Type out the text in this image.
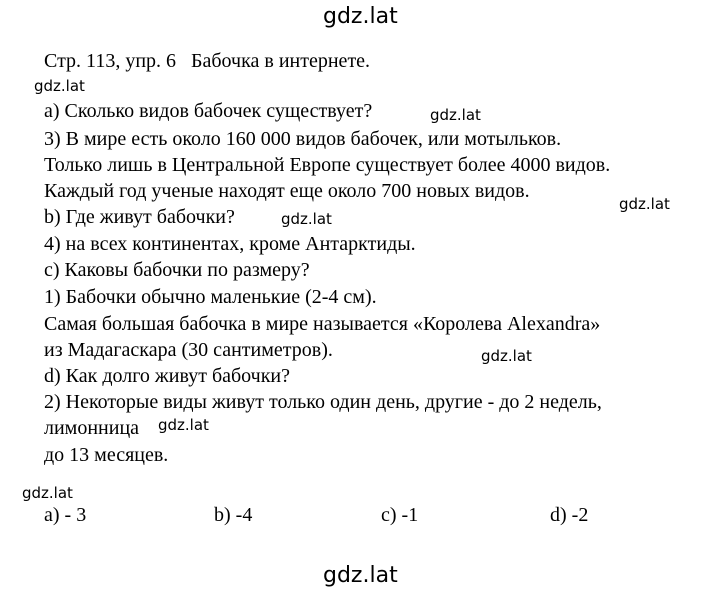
gdz.lat
gdz.lat
gdz.lat
gdz.lat
gdz.lat
gdz.lat
gdz.lat
gdz.lat
gdz.lat
Стр. 113, упр. 6   Бабочка в интернете.
a) Сколько видов бабочек существует?
3) В мире есть около 160 000 видов бабочек, или мотыльков.
Только лишь в Центральной Европе существует более 4000 видов.
Каждый год ученые находят еще около 700 новых видов.
b) Где живут бабочки?
4) на всех континентах, кроме Антарктиды.
c) Каковы бабочки по размеру?
1) Бабочки обычно маленькие (2-4 см).
Самая большая бабочка в мире называется «Королева Alexandra»
из Мадагаскара (30 сантиметров).
d) Как долго живут бабочки?
2) Некоторые виды живут только один день, другие - до 2 недель,
лимонница
до 13 месяцев.
a) - 3	b) -4	c) -1	d) -2
